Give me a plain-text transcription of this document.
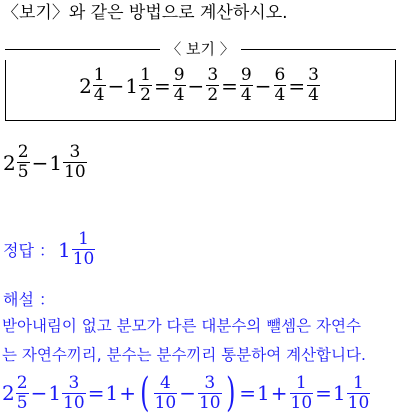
〈보기〉와 같은 방법으로 계산하시오.
〈 보기 〉
$2 \frac{1}{4} - 1 \frac{1}{2} = \frac{9}{4} - \frac{3}{2} = \frac{9}{4} - \frac{6}{4} = \frac{3}{4}$
$2 \frac{2}{5} - 1 \frac{3}{10}$
정답 ： $1 \frac{1}{10}$
해설 ：
받아내림이 없고 분모가 다른 대분수의 뺄셈은 자연수
는 자연수끼리, 분수는 분수끼리 통분하여 계산합니다.
$2 \frac{2}{5} - 1 \frac{3}{10} = 1$ + ( $\frac{4}{10} - \frac{3}{10}$ ) = $1 + \frac{1}{10} = 1 \frac{1}{10}$
